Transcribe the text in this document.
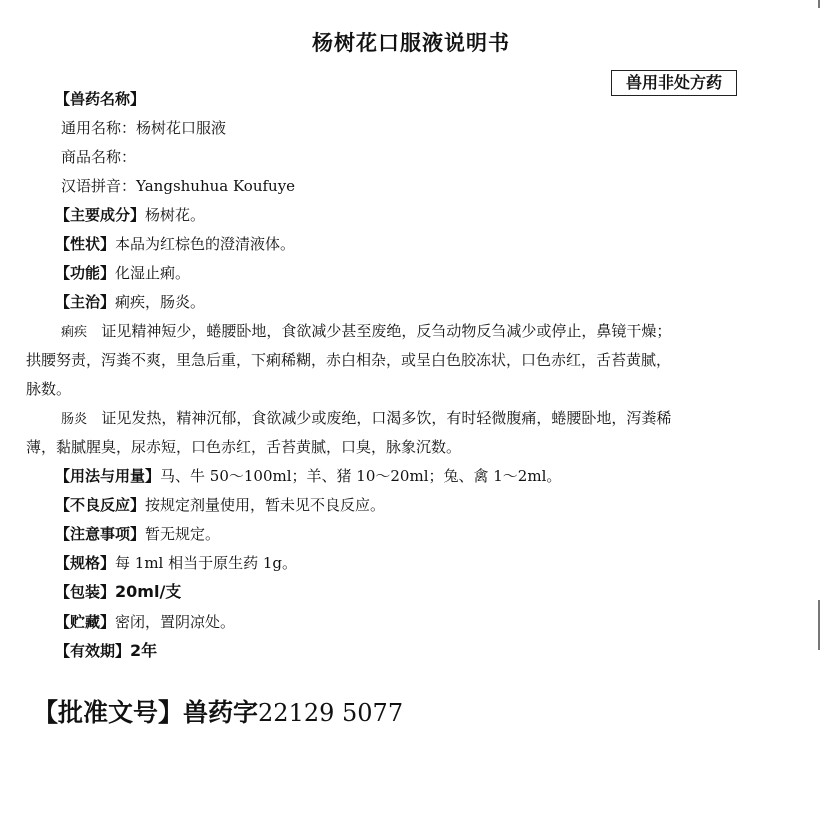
杨树花口服液说明书
兽用非处方药
【兽药名称】
通用名称：杨树花口服液
商品名称：
汉语拼音：Yangshuhua Koufuye
【主要成分】杨树花。
【性状】本品为红棕色的澄清液体。
【功能】化湿止痢。
【主治】痢疾，肠炎。
痢疾 证见精神短少，蜷腰卧地，食欲减少甚至废绝，反刍动物反刍减少或停止，鼻镜干燥；
拱腰努责，泻粪不爽，里急后重，下痢稀糊，赤白相杂，或呈白色胶冻状，口色赤红，舌苔黄腻，
脉数。
肠炎 证见发热，精神沉郁，食欲减少或废绝，口渴多饮，有时轻微腹痛，蜷腰卧地，泻粪稀
薄，黏腻腥臭，尿赤短，口色赤红，舌苔黄腻，口臭，脉象沉数。
【用法与用量】马、牛 50～100ml；羊、猪 10～20ml；兔、禽 1～2ml。
【不良反应】按规定剂量使用，暂未见不良反应。
【注意事项】暂无规定。
【规格】每 1ml 相当于原生药 1g。
【包装】20ml/支
【贮藏】密闭，置阴凉处。
【有效期】2年
【批准文号】兽药字22129 5077
